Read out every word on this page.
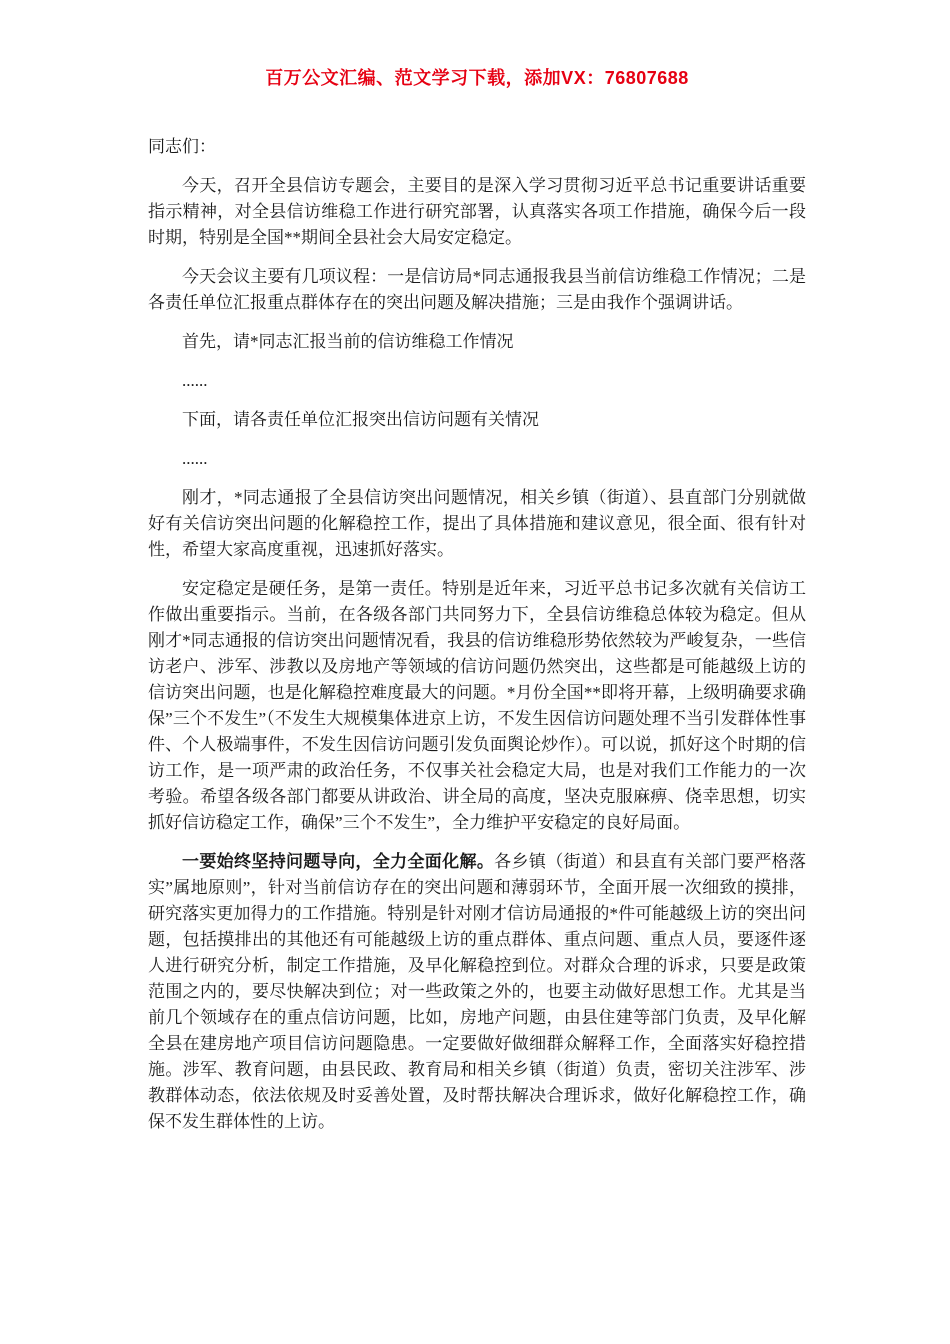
百万公文汇编、范文学习下载，添加VX：76807688

同志们：

今天，召开全县信访专题会，主要目的是深入学习贯彻习近平总书记重要讲话重要指示精神，对全县信访维稳工作进行研究部署，认真落实各项工作措施，确保今后一段时期，特别是全国**期间全县社会大局安定稳定。

今天会议主要有几项议程：一是信访局*同志通报我县当前信访维稳工作情况；二是各责任单位汇报重点群体存在的突出问题及解决措施；三是由我作个强调讲话。

首先，请*同志汇报当前的信访维稳工作情况

......

下面，请各责任单位汇报突出信访问题有关情况

......

刚才，*同志通报了全县信访突出问题情况，相关乡镇（街道）、县直部门分别就做好有关信访突出问题的化解稳控工作，提出了具体措施和建议意见，很全面、很有针对性，希望大家高度重视，迅速抓好落实。

安定稳定是硬任务，是第一责任。特别是近年来，习近平总书记多次就有关信访工作做出重要指示。当前，在各级各部门共同努力下，全县信访维稳总体较为稳定。但从刚才*同志通报的信访突出问题情况看，我县的信访维稳形势依然较为严峻复杂，一些信访老户、涉军、涉教以及房地产等领域的信访问题仍然突出，这些都是可能越级上访的信访突出问题，也是化解稳控难度最大的问题。*月份全国**即将开幕，上级明确要求确保”三个不发生”（不发生大规模集体进京上访，不发生因信访问题处理不当引发群体性事件、个人极端事件，不发生因信访问题引发负面舆论炒作）。可以说，抓好这个时期的信访工作，是一项严肃的政治任务，不仅事关社会稳定大局，也是对我们工作能力的一次考验。希望各级各部门都要从讲政治、讲全局的高度，坚决克服麻痹、侥幸思想，切实抓好信访稳定工作，确保”三个不发生”，全力维护平安稳定的良好局面。

一要始终坚持问题导向，全力全面化解。各乡镇（街道）和县直有关部门要严格落实”属地原则”，针对当前信访存在的突出问题和薄弱环节，全面开展一次细致的摸排，研究落实更加得力的工作措施。特别是针对刚才信访局通报的*件可能越级上访的突出问题，包括摸排出的其他还有可能越级上访的重点群体、重点问题、重点人员，要逐件逐人进行研究分析，制定工作措施，及早化解稳控到位。对群众合理的诉求，只要是政策范围之内的，要尽快解决到位；对一些政策之外的，也要主动做好思想工作。尤其是当前几个领域存在的重点信访问题，比如，房地产问题，由县住建等部门负责，及早化解全县在建房地产项目信访问题隐患。一定要做好做细群众解释工作，全面落实好稳控措施。涉军、教育问题，由县民政、教育局和相关乡镇（街道）负责，密切关注涉军、涉教群体动态，依法依规及时妥善处置，及时帮扶解决合理诉求，做好化解稳控工作，确保不发生群体性的上访。
